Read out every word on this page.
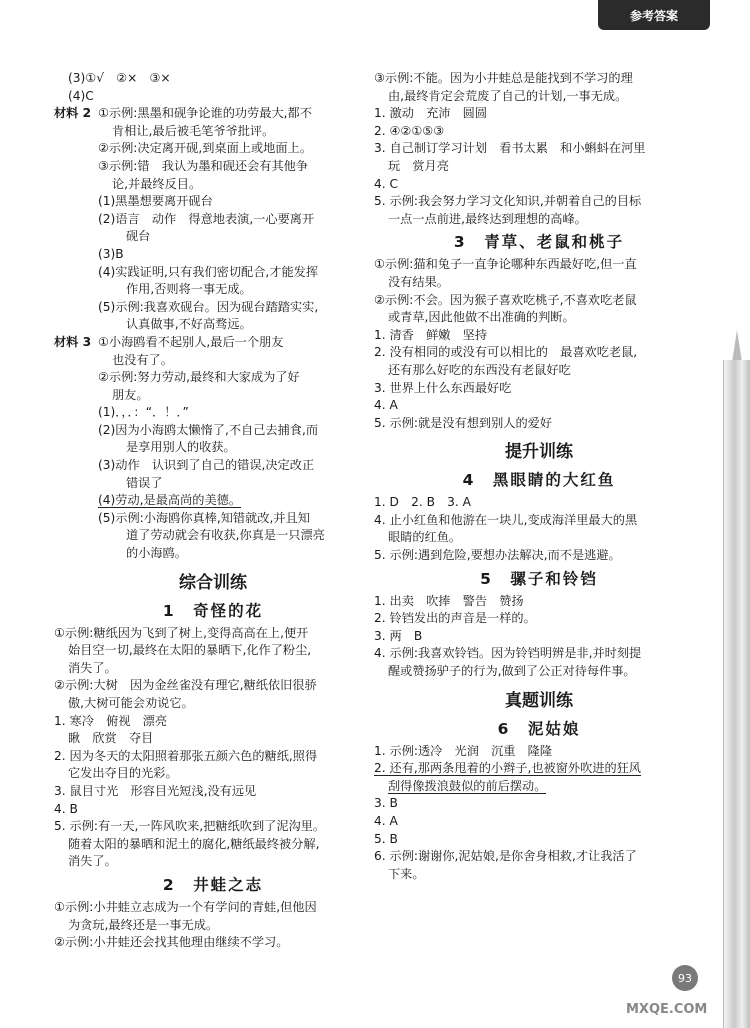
参考答案
(3)①√　②×　③×
(4)C
材料 2 ①示例:黑墨和砚争论谁的功劳最大,都不
肯相让,最后被毛笔爷爷批评。
②示例:决定离开砚,到桌面上或地面上。
③示例:错　我认为墨和砚还会有其他争
论,并最终反目。
(1)黑墨想要离开砚台
(2)语言　动作　得意地表演,一心要离开
砚台
(3)B
(4)实践证明,只有我们密切配合,才能发挥
作用,否则将一事无成。
(5)示例:我喜欢砚台。因为砚台踏踏实实,
认真做事,不好高骛远。
材料 3 ①小海鸥看不起别人,最后一个朋友
也没有了。
②示例:努力劳动,最终和大家成为了好
朋友。
(1)．，．：“．！．”
(2)因为小海鸥太懒惰了,不自己去捕食,而
是享用别人的收获。
(3)动作　认识到了自己的错误,决定改正
错误了
(4)劳动,是最高尚的美德。
(5)示例:小海鸥你真棒,知错就改,并且知
道了劳动就会有收获,你真是一只漂亮
的小海鸥。
综合训练
1　奇怪的花
①示例:糖纸因为飞到了树上,变得高高在上,便开
始目空一切,最终在太阳的暴晒下,化作了粉尘,
消失了。
②示例:大树　因为金丝雀没有理它,糖纸依旧很骄
傲,大树可能会劝说它。
1. 寒冷　俯视　漂亮
瞅　欣赏　夺目
2. 因为冬天的太阳照着那张五颜六色的糖纸,照得
它发出夺目的光彩。
3. 鼠目寸光　形容目光短浅,没有远见
4. B
5. 示例:有一天,一阵风吹来,把糖纸吹到了泥沟里。
随着太阳的暴晒和泥土的腐化,糖纸最终被分解,
消失了。
2　井蛙之志
①示例:小井蛙立志成为一个有学问的青蛙,但他因
为贪玩,最终还是一事无成。
②示例:小井蛙还会找其他理由继续不学习。
③示例:不能。因为小井蛙总是能找到不学习的理
由,最终肯定会荒废了自己的计划,一事无成。
1. 激动　充沛　圆圆
2. ④②①⑤③
3. 自己制订学习计划　看书太累　和小蝌蚪在河里
玩　赏月亮
4. C
5. 示例:我会努力学习文化知识,并朝着自己的目标
一点一点前进,最终达到理想的高峰。
3　青草、老鼠和桃子
①示例:猫和兔子一直争论哪种东西最好吃,但一直
没有结果。
②示例:不会。因为猴子喜欢吃桃子,不喜欢吃老鼠
或青草,因此他做不出准确的判断。
1. 清香　鲜嫩　坚持
2. 没有相同的或没有可以相比的　最喜欢吃老鼠,
还有那么好吃的东西没有老鼠好吃
3. 世界上什么东西最好吃
4. A
5. 示例:就是没有想到别人的爱好
提升训练
4　黑眼睛的大红鱼
1. D　2. B　3. A
4. 止小红鱼和他游在一块儿,变成海洋里最大的黑
眼睛的红鱼。
5. 示例:遇到危险,要想办法解决,而不是逃避。
5　骡子和铃铛
1. 出卖　吹捧　警告　赞扬
2. 铃铛发出的声音是一样的。
3. 两　B
4. 示例:我喜欢铃铛。因为铃铛明辨是非,并时刻提
醒或赞扬驴子的行为,做到了公正对待每件事。
真题训练
6　泥姑娘
1. 示例:透冷　光润　沉重　隆隆
2. 还有,那两条甩着的小辫子,也被窗外吹进的狂风
刮得像拨浪鼓似的前后摆动。
3. B
4. A
5. B
6. 示例:谢谢你,泥姑娘,是你舍身相救,才让我活了
下来。
93
MXQE.COM
